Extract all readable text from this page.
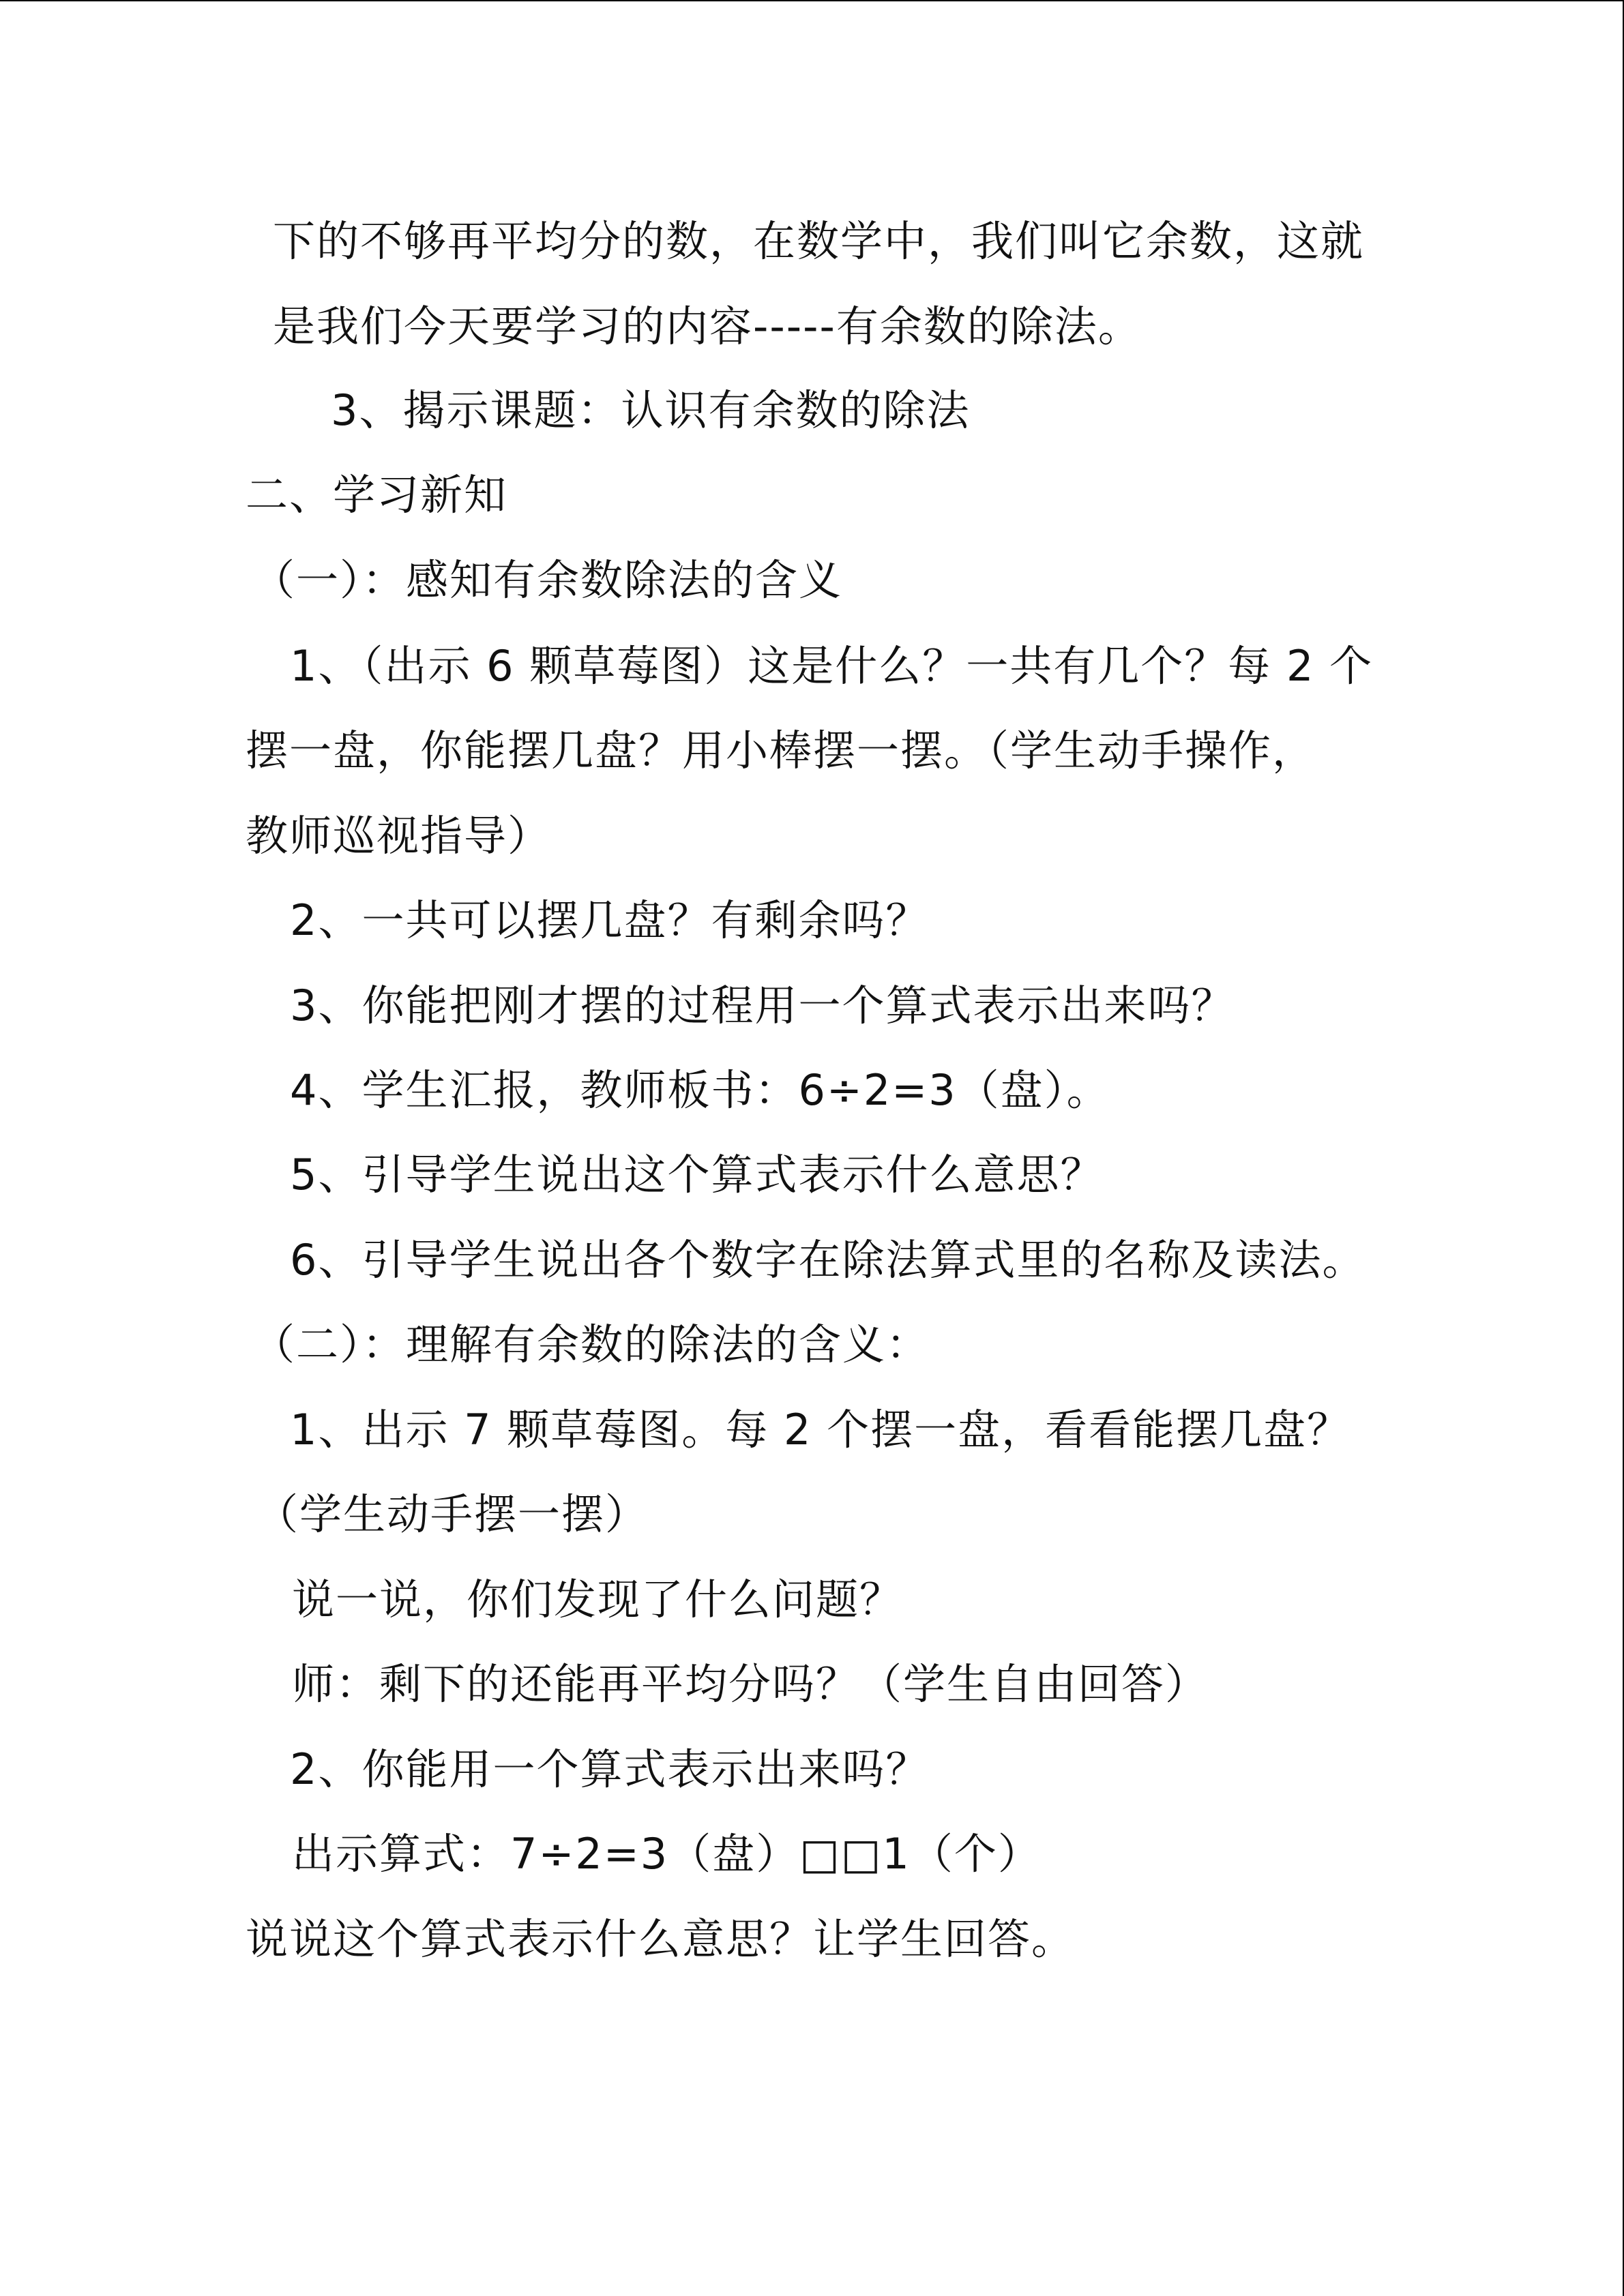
下的不够再平均分的数，在数学中，我们叫它余数，这就
是我们今天要学习的内容-----有余数的除法。
3、揭示课题：认识有余数的除法
二、学习新知
（一）：感知有余数除法的含义
1、（出示 6 颗草莓图）这是什么？一共有几个？每 2 个
摆一盘，你能摆几盘？用小棒摆一摆。（学生动手操作，
教师巡视指导）
2、一共可以摆几盘？有剩余吗？
3、你能把刚才摆的过程用一个算式表示出来吗？
4、学生汇报，教师板书：6÷2=3（盘）。
5、引导学生说出这个算式表示什么意思？
6、引导学生说出各个数字在除法算式里的名称及读法。
（二）：理解有余数的除法的含义：
1、出示 7 颗草莓图。每 2 个摆一盘，看看能摆几盘？
（学生动手摆一摆）
说一说，你们发现了什么问题？
师：剩下的还能再平均分吗？（学生自由回答）
2、你能用一个算式表示出来吗？
出示算式：7÷2=3（盘）□□1（个）
说说这个算式表示什么意思？让学生回答。
